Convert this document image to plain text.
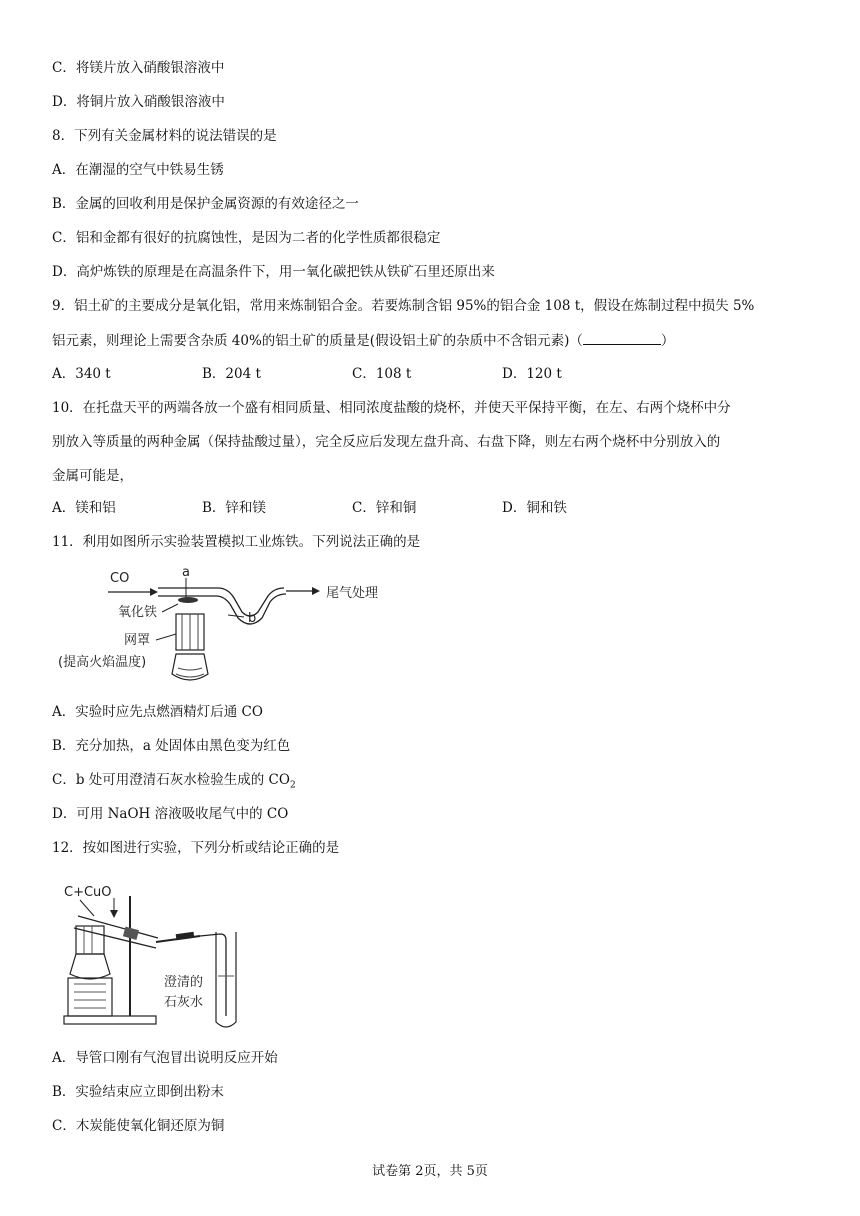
C．将镁片放入硝酸银溶液中
D．将铜片放入硝酸银溶液中
8．下列有关金属材料的说法错误的是
A．在潮湿的空气中铁易生锈
B．金属的回收利用是保护金属资源的有效途径之一
C．铝和金都有很好的抗腐蚀性，是因为二者的化学性质都很稳定
D．高炉炼铁的原理是在高温条件下，用一氧化碳把铁从铁矿石里还原出来
9．铝土矿的主要成分是氧化铝，常用来炼制铝合金。若要炼制含铝 95%的铝合金 108 t，假设在炼制过程中损失 5%
铝元素，则理论上需要含杂质 40%的铝土矿的质量是(假设铝土矿的杂质中不含铝元素)（	）
A．340 t	B．204 t	C．108 t	D．120 t
10．在托盘天平的两端各放一个盛有相同质量、相同浓度盐酸的烧杯，并使天平保持平衡，在左、右两个烧杯中分
别放入等质量的两种金属（保持盐酸过量），完全反应后发现左盘升高、右盘下降，则左右两个烧杯中分别放入的
金属可能是，
A．镁和铝	B．锌和镁	C．锌和铜	D．铜和铁
11．利用如图所示实验装置模拟工业炼铁。下列说法正确的是
CO	a
b
尾气处理
氧化铁
网罩
(提高火焰温度)
A．实验时应先点燃酒精灯后通 CO
B．充分加热，a 处固体由黑色变为红色
C．b 处可用澄清石灰水检验生成的 $CO_2$
D．可用 NaOH 溶液吸收尾气中的 CO
12．按如图进行实验，下列分析或结论正确的是
C+CuO
澄清的
石灰水
A．导管口刚有气泡冒出说明反应开始
B．实验结束应立即倒出粉末
C．木炭能使氧化铜还原为铜
试卷第 2页，共 5页
